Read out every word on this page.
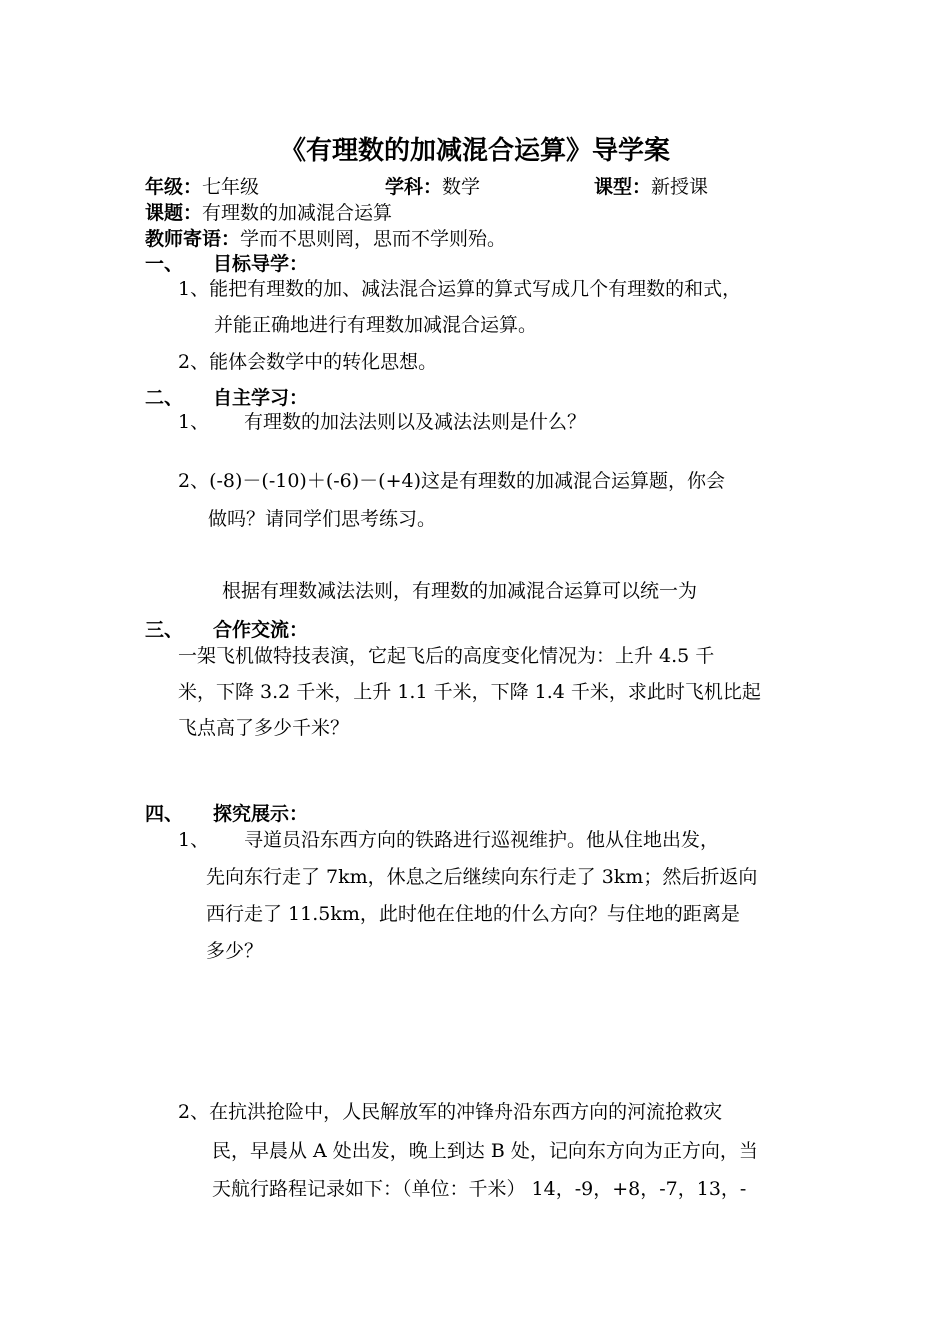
《有理数的加减混合运算》导学案
年级：七年级	学科：数学	课型：新授课
课题：有理数的加减混合运算
教师寄语：学而不思则罔，思而不学则殆。
一、 目标导学：
1、能把有理数的加、减法混合运算的算式写成几个有理数的和式，
并能正确地进行有理数加减混合运算。
2、能体会数学中的转化思想。
二、 自主学习：
1、 有理数的加法法则以及减法法则是什么？
2、(-8)－(-10)＋(-6)－(+4)这是有理数的加减混合运算题，你会
做吗？请同学们思考练习。
根据有理数减法法则，有理数的加减混合运算可以统一为
三、 合作交流：
一架飞机做特技表演，它起飞后的高度变化情况为：上升 4.5 千
米，下降 3.2 千米，上升 1.1 千米，下降 1.4 千米，求此时飞机比起
飞点高了多少千米？
四、 探究展示：
1、 寻道员沿东西方向的铁路进行巡视维护。他从住地出发，
先向东行走了 7km，休息之后继续向东行走了 3km；然后折返向
西行走了 11.5km，此时他在住地的什么方向？与住地的距离是
多少？
2、在抗洪抢险中，人民解放军的冲锋舟沿东西方向的河流抢救灾
民，早晨从 A 处出发，晚上到达 B 处，记向东方向为正方向，当
天航行路程记录如下：（单位：千米） 14，-9，+8，-7，13，-
